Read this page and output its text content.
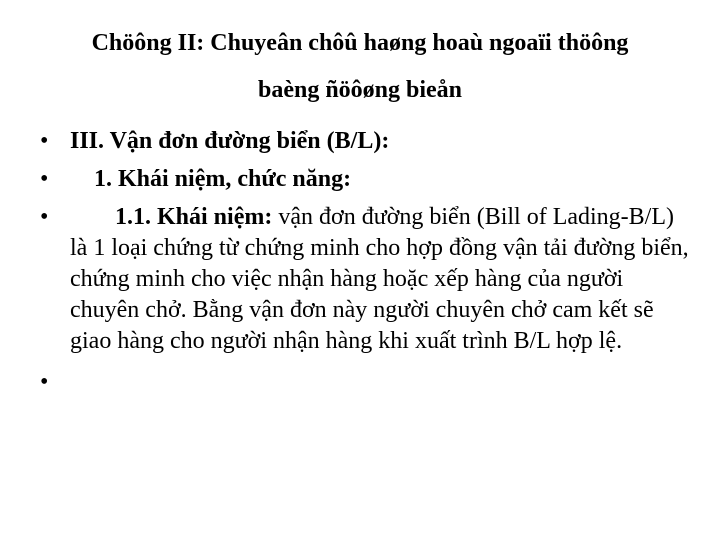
Chöông II: Chuyeân chôû haøng hoaù ngoaïi thöông
baèng ñöôøng bieån
• III. Vận đơn đường biển (B/L):
• 1. Khái niệm, chức năng:
•	1.1. Khái niệm: vận đơn đường biển (Bill of Lading-B/L) là 1 loại chứng từ chứng minh cho hợp đồng vận tải đường biển, chứng minh cho việc nhận hàng hoặc xếp hàng của người chuyên chở. Bằng vận đơn này người chuyên chở cam kết sẽ giao hàng cho người nhận hàng khi xuất trình B/L hợp lệ.
•
